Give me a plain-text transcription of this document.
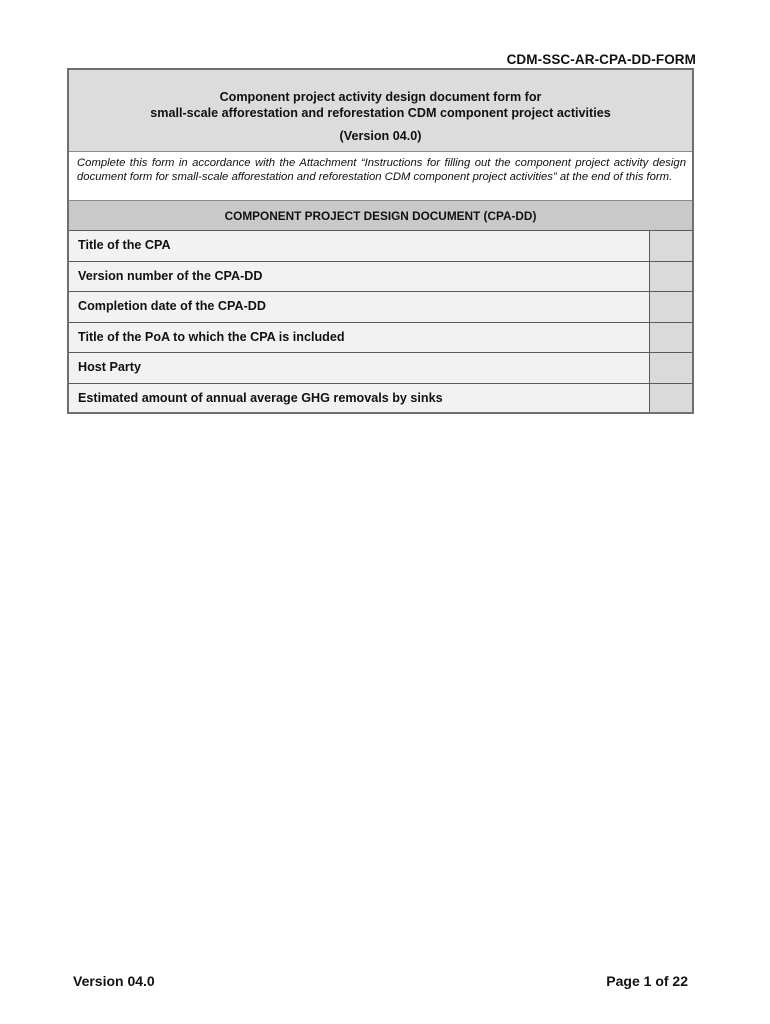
CDM-SSC-AR-CPA-DD-FORM
Component project activity design document form for
small-scale afforestation and reforestation CDM component project activities
(Version 04.0)
Complete this form in accordance with the Attachment “Instructions for filling out the component project activity design document form for small-scale afforestation and reforestation CDM component project activities” at the end of this form.
COMPONENT PROJECT DESIGN DOCUMENT (CPA-DD)
Title of the CPA
Version number of the CPA-DD
Completion date of the CPA-DD
Title of the PoA to which the CPA is included
Host Party
Estimated amount of annual average GHG removals by sinks
Version 04.0	Page 1 of 22
